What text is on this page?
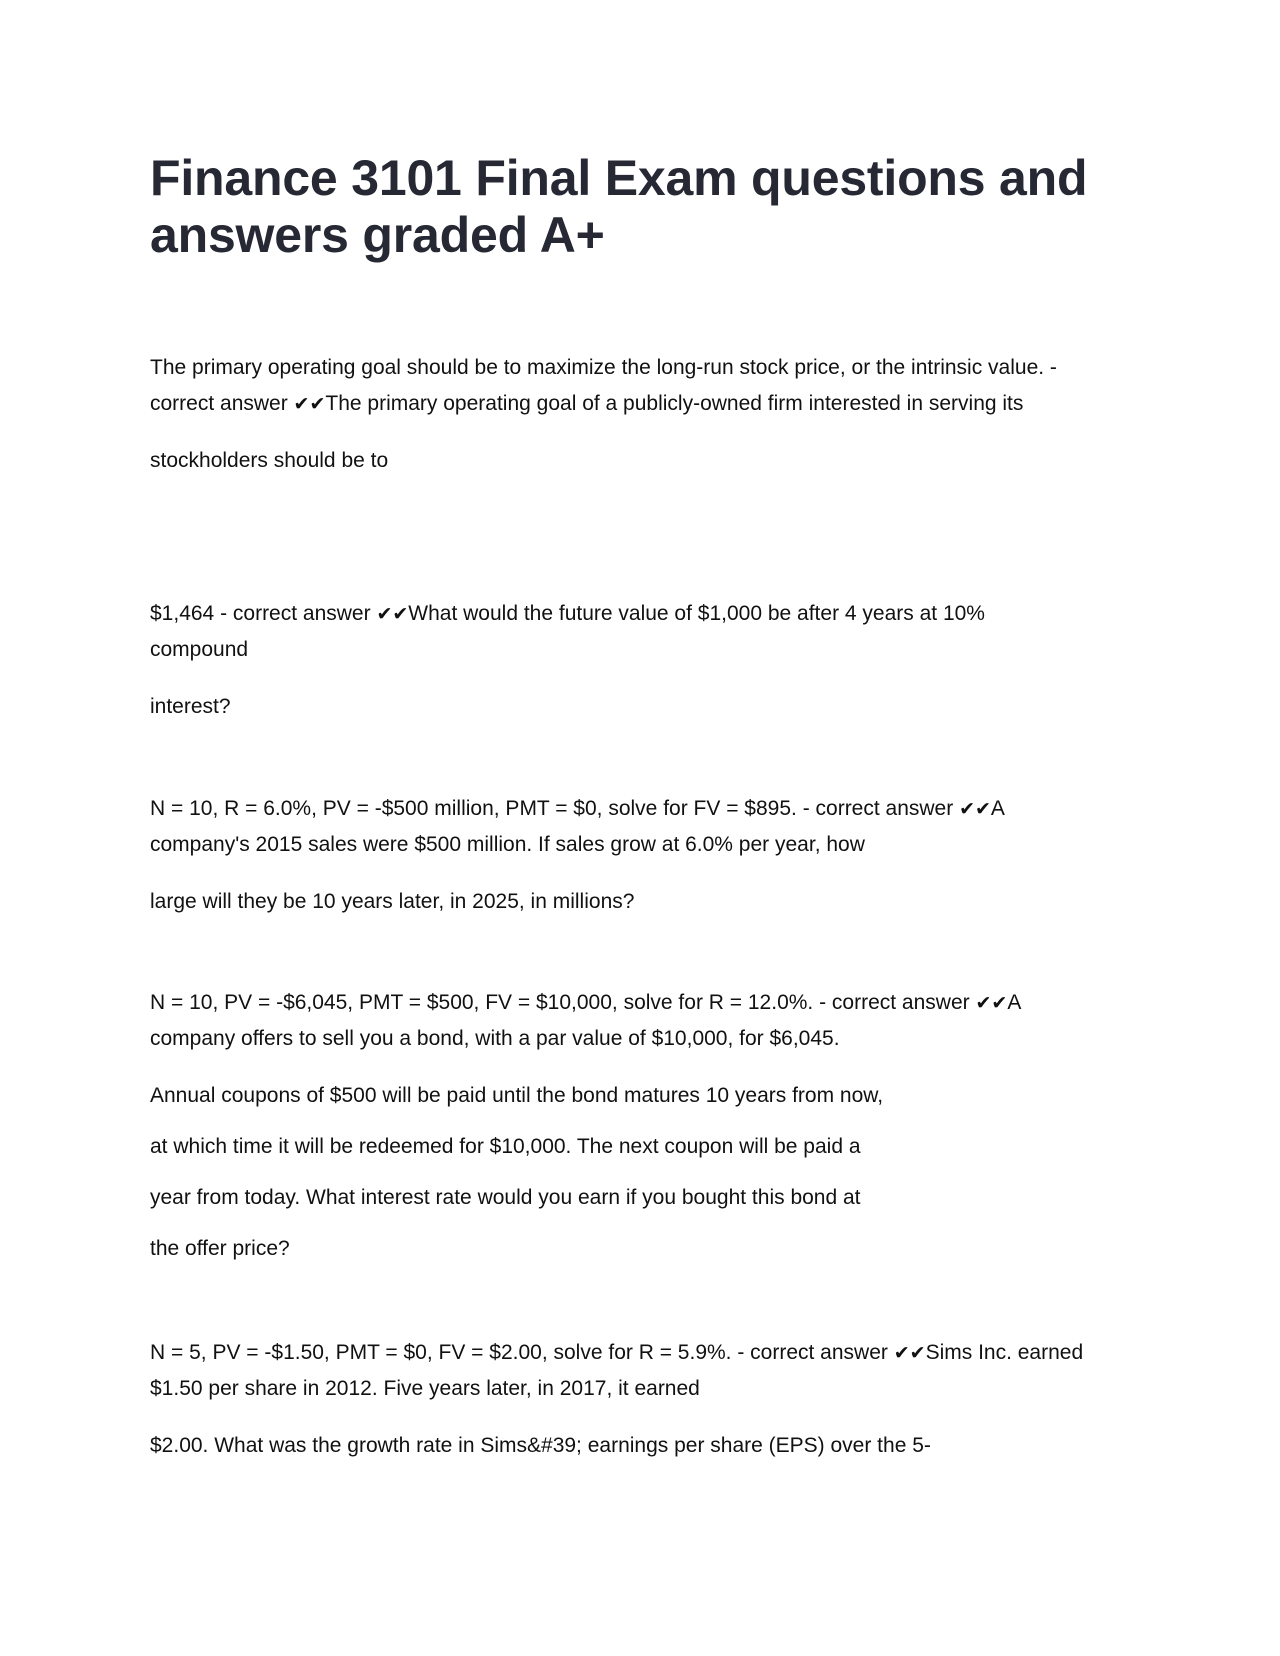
Finance 3101 Final Exam questions and answers graded A+

The primary operating goal should be to maximize the long-run stock price, or the intrinsic value. - correct answer ✔✔The primary operating goal of a publicly-owned firm interested in serving its

stockholders should be to

$1,464 - correct answer ✔✔What would the future value of $1,000 be after 4 years at 10% compound

interest?

N = 10, R = 6.0%, PV = -$500 million, PMT = $0, solve for FV = $895. - correct answer ✔✔A company's 2015 sales were $500 million. If sales grow at 6.0% per year, how

large will they be 10 years later, in 2025, in millions?

N = 10, PV = -$6,045, PMT = $500, FV = $10,000, solve for R = 12.0%. - correct answer ✔✔A company offers to sell you a bond, with a par value of $10,000, for $6,045.

Annual coupons of $500 will be paid until the bond matures 10 years from now,

at which time it will be redeemed for $10,000. The next coupon will be paid a

year from today. What interest rate would you earn if you bought this bond at

the offer price?

N = 5, PV = -$1.50, PMT = $0, FV = $2.00, solve for R = 5.9%. - correct answer ✔✔Sims Inc. earned $1.50 per share in 2012. Five years later, in 2017, it earned

$2.00. What was the growth rate in Sims&#39; earnings per share (EPS) over the 5-
